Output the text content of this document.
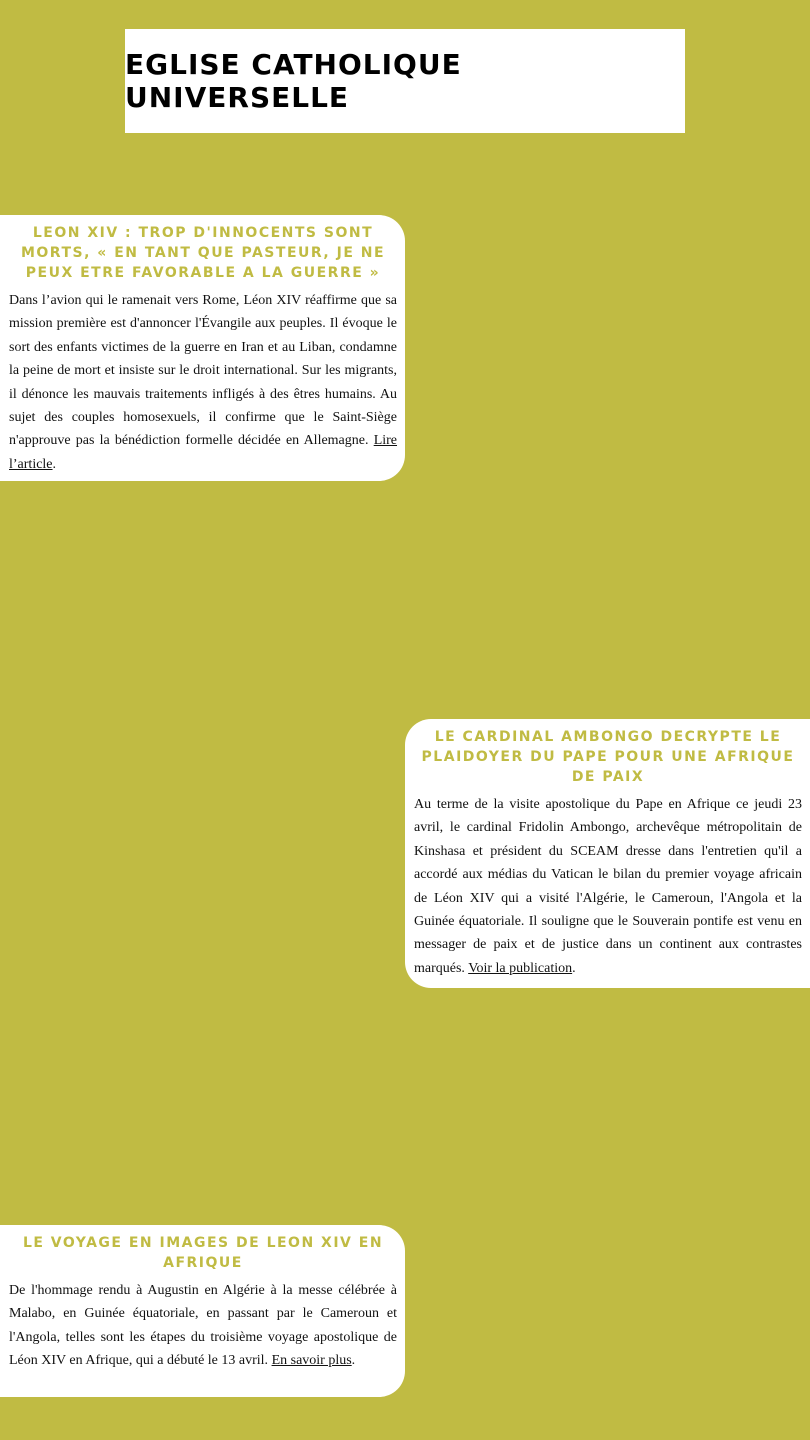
EGLISE CATHOLIQUE UNIVERSELLE
LEON XIV : TROP D'INNOCENTS SONT MORTS, « EN TANT QUE PASTEUR, JE NE PEUX ETRE FAVORABLE A LA GUERRE »

Dans l’avion qui le ramenait vers Rome, Léon XIV réaffirme que sa mission première est d'annoncer l'Évangile aux peuples. Il évoque le sort des enfants victimes de la guerre en Iran et au Liban, condamne la peine de mort et insiste sur le droit international. Sur les migrants, il dénonce les mauvais traitements infligés à des êtres humains. Au sujet des couples homosexuels, il confirme que le Saint-Siège n'approuve pas la bénédiction formelle décidée en Allemagne. Lire l’article.

LE CARDINAL AMBONGO DECRYPTE LE PLAIDOYER DU PAPE POUR UNE AFRIQUE DE PAIX

Au terme de la visite apostolique du Pape en Afrique ce jeudi 23 avril, le cardinal Fridolin Ambongo, archevêque métropolitain de Kinshasa et président du SCEAM dresse dans l'entretien qu'il a accordé aux médias du Vatican le bilan du premier voyage africain de Léon XIV qui a visité l'Algérie, le Cameroun, l'Angola et la Guinée équatoriale. Il souligne que le Souverain pontife est venu en messager de paix et de justice dans un continent aux contrastes marqués. Voir la publication.

LE VOYAGE EN IMAGES DE LEON XIV EN AFRIQUE

De l'hommage rendu à Augustin en Algérie à la messe célébrée à Malabo, en Guinée équatoriale, en passant par le Cameroun et l'Angola, telles sont les étapes du troisième voyage apostolique de Léon XIV en Afrique, qui a débuté le 13 avril. En savoir plus.
